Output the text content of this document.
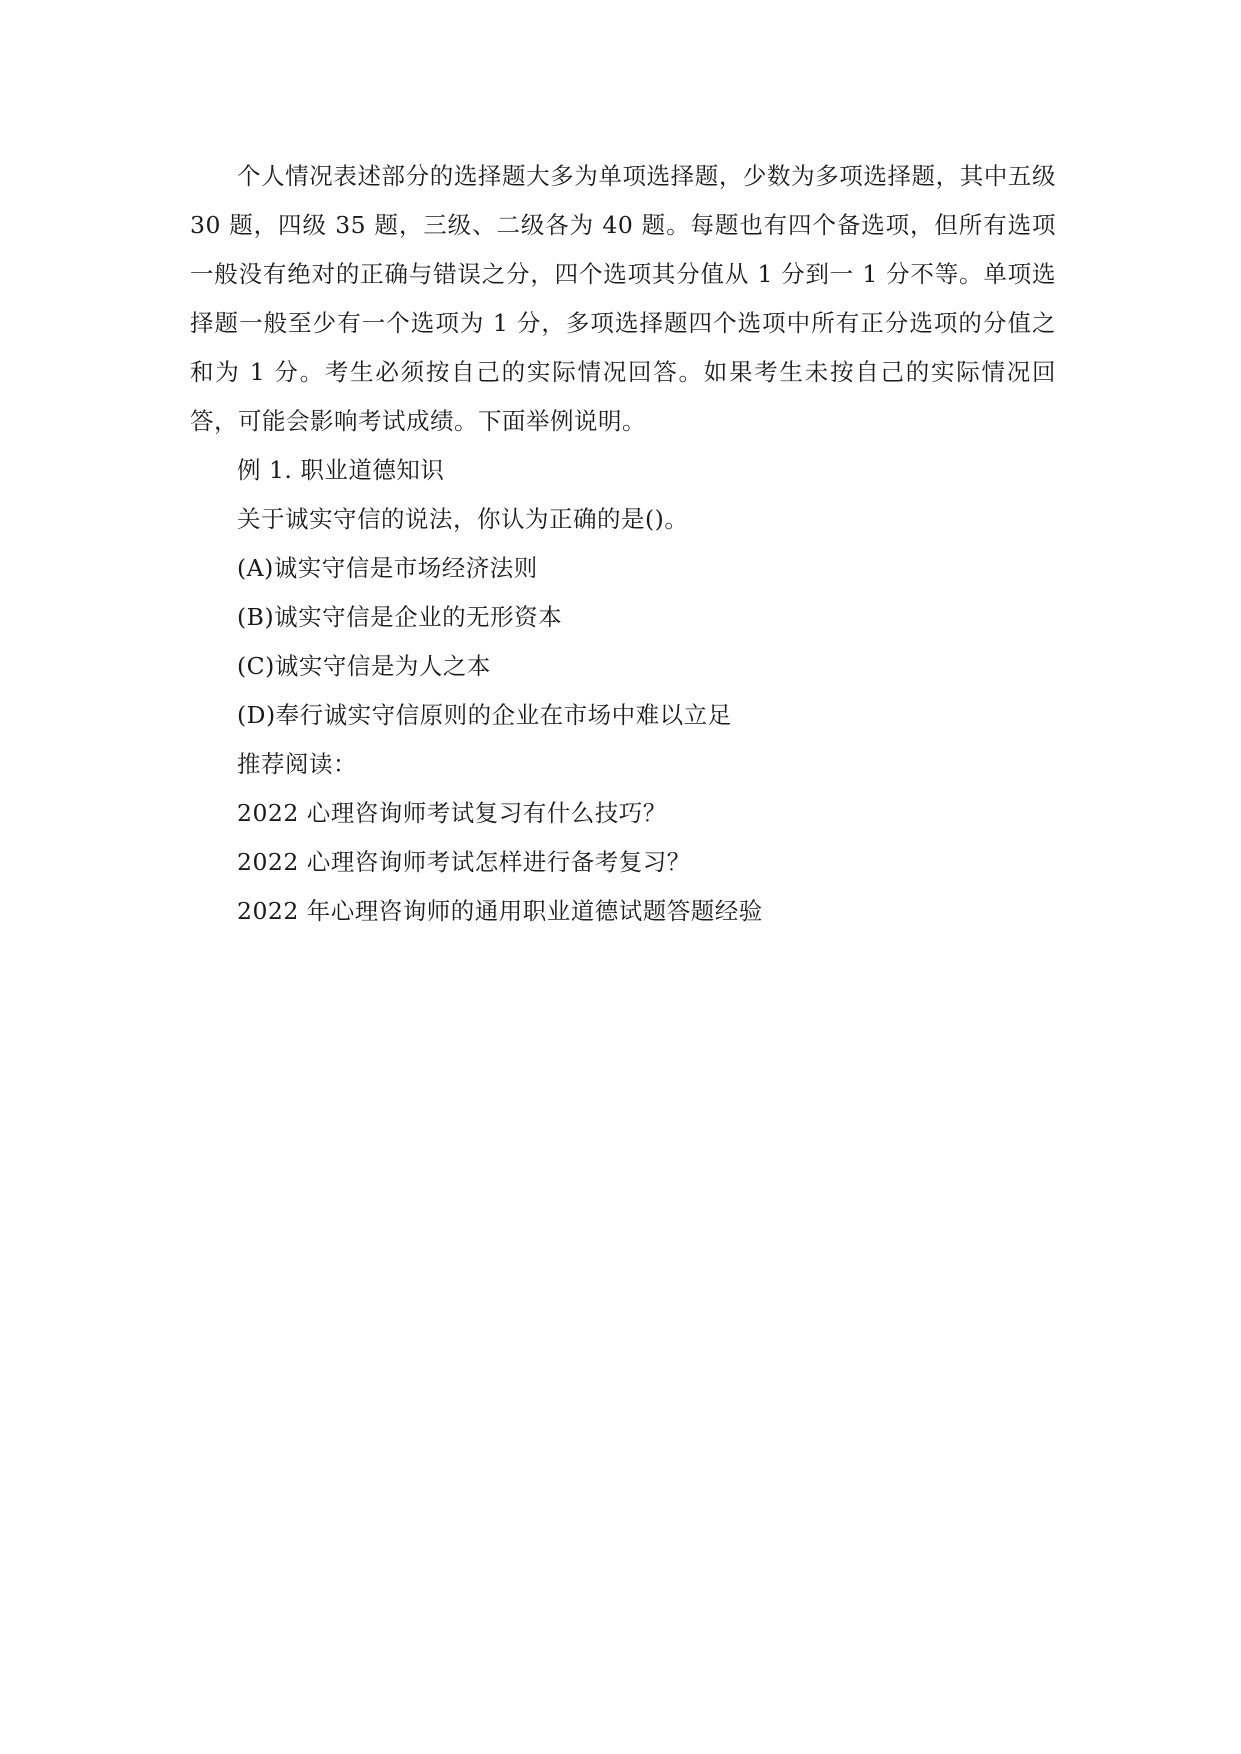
个人情况表述部分的选择题大多为单项选择题，少数为多项选择题，其中五级 30 题，四级 35 题，三级、二级各为 40 题。每题也有四个备选项，但所有选项一般没有绝对的正确与错误之分，四个选项其分值从 1 分到一 1 分不等。单项选择题一般至少有一个选项为 1 分，多项选择题四个选项中所有正分选项的分值之和为 1 分。考生必须按自己的实际情况回答。如果考生未按自己的实际情况回答，可能会影响考试成绩。下面举例说明。

例 1. 职业道德知识

关于诚实守信的说法，你认为正确的是()。

(A)诚实守信是市场经济法则

(B)诚实守信是企业的无形资本

(C)诚实守信是为人之本

(D)奉行诚实守信原则的企业在市场中难以立足

推荐阅读：

2022 心理咨询师考试复习有什么技巧？

2022 心理咨询师考试怎样进行备考复习？

2022 年心理咨询师的通用职业道德试题答题经验
